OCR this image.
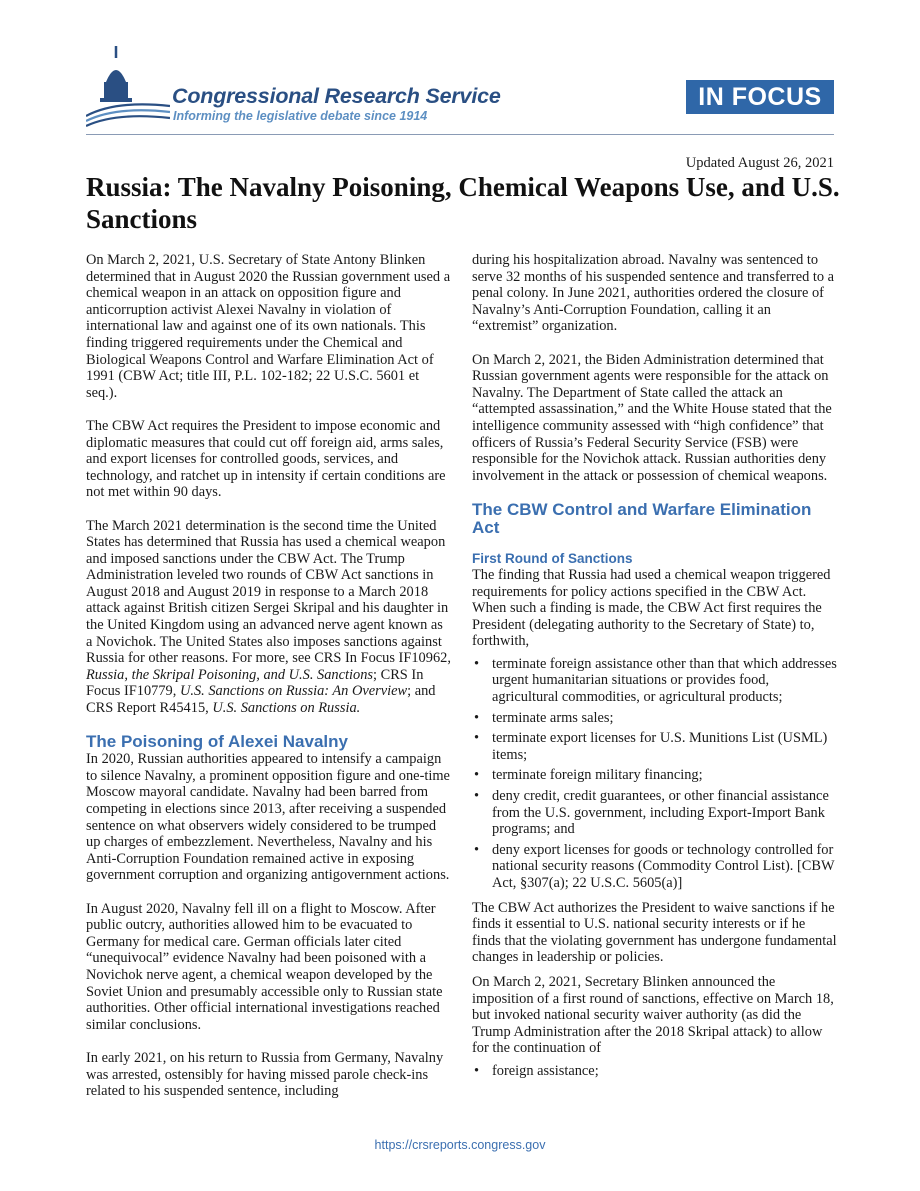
Congressional Research Service
Informing the legislative debate since 1914
IN FOCUS
Updated August 26, 2021
Russia: The Navalny Poisoning, Chemical Weapons Use, and U.S. Sanctions

On March 2, 2021, U.S. Secretary of State Antony Blinken determined that in August 2020 the Russian government used a chemical weapon in an attack on opposition figure and anticorruption activist Alexei Navalny in violation of international law and against one of its own nationals. This finding triggered requirements under the Chemical and Biological Weapons Control and Warfare Elimination Act of 1991 (CBW Act; title III, P.L. 102-182; 22 U.S.C. 5601 et seq.).

The CBW Act requires the President to impose economic and diplomatic measures that could cut off foreign aid, arms sales, and export licenses for controlled goods, services, and technology, and ratchet up in intensity if certain conditions are not met within 90 days.

The March 2021 determination is the second time the United States has determined that Russia has used a chemical weapon and imposed sanctions under the CBW Act. The Trump Administration leveled two rounds of CBW Act sanctions in August 2018 and August 2019 in response to a March 2018 attack against British citizen Sergei Skripal and his daughter in the United Kingdom using an advanced nerve agent known as a Novichok. The United States also imposes sanctions against Russia for other reasons. For more, see CRS In Focus IF10962, Russia, the Skripal Poisoning, and U.S. Sanctions; CRS In Focus IF10779, U.S. Sanctions on Russia: An Overview; and CRS Report R45415, U.S. Sanctions on Russia.

The Poisoning of Alexei Navalny

In 2020, Russian authorities appeared to intensify a campaign to silence Navalny, a prominent opposition figure and one-time Moscow mayoral candidate. Navalny had been barred from competing in elections since 2013, after receiving a suspended sentence on what observers widely considered to be trumped up charges of embezzlement. Nevertheless, Navalny and his Anti-Corruption Foundation remained active in exposing government corruption and organizing antigovernment actions.

In August 2020, Navalny fell ill on a flight to Moscow. After public outcry, authorities allowed him to be evacuated to Germany for medical care. German officials later cited “unequivocal” evidence Navalny had been poisoned with a Novichok nerve agent, a chemical weapon developed by the Soviet Union and presumably accessible only to Russian state authorities. Other official international investigations reached similar conclusions.

In early 2021, on his return to Russia from Germany, Navalny was arrested, ostensibly for having missed parole check-ins related to his suspended sentence, including

during his hospitalization abroad. Navalny was sentenced to serve 32 months of his suspended sentence and transferred to a penal colony. In June 2021, authorities ordered the closure of Navalny’s Anti-Corruption Foundation, calling it an “extremist” organization.

On March 2, 2021, the Biden Administration determined that Russian government agents were responsible for the attack on Navalny. The Department of State called the attack an “attempted assassination,” and the White House stated that the intelligence community assessed with “high confidence” that officers of Russia’s Federal Security Service (FSB) were responsible for the Novichok attack. Russian authorities deny involvement in the attack or possession of chemical weapons.

The CBW Control and Warfare Elimination Act
First Round of Sanctions

The finding that Russia had used a chemical weapon triggered requirements for policy actions specified in the CBW Act. When such a finding is made, the CBW Act first requires the President (delegating authority to the Secretary of State) to, forthwith,

• terminate foreign assistance other than that which addresses urgent humanitarian situations or provides food, agricultural commodities, or agricultural products;
• terminate arms sales;
• terminate export licenses for U.S. Munitions List (USML) items;
• terminate foreign military financing;
• deny credit, credit guarantees, or other financial assistance from the U.S. government, including Export-Import Bank programs; and
• deny export licenses for goods or technology controlled for national security reasons (Commodity Control List). [CBW Act, §307(a); 22 U.S.C. 5605(a)]

The CBW Act authorizes the President to waive sanctions if he finds it essential to U.S. national security interests or if he finds that the violating government has undergone fundamental changes in leadership or policies.

On March 2, 2021, Secretary Blinken announced the imposition of a first round of sanctions, effective on March 18, but invoked national security waiver authority (as did the Trump Administration after the 2018 Skripal attack) to allow for the continuation of

• foreign assistance;
https://crsreports.congress.gov
